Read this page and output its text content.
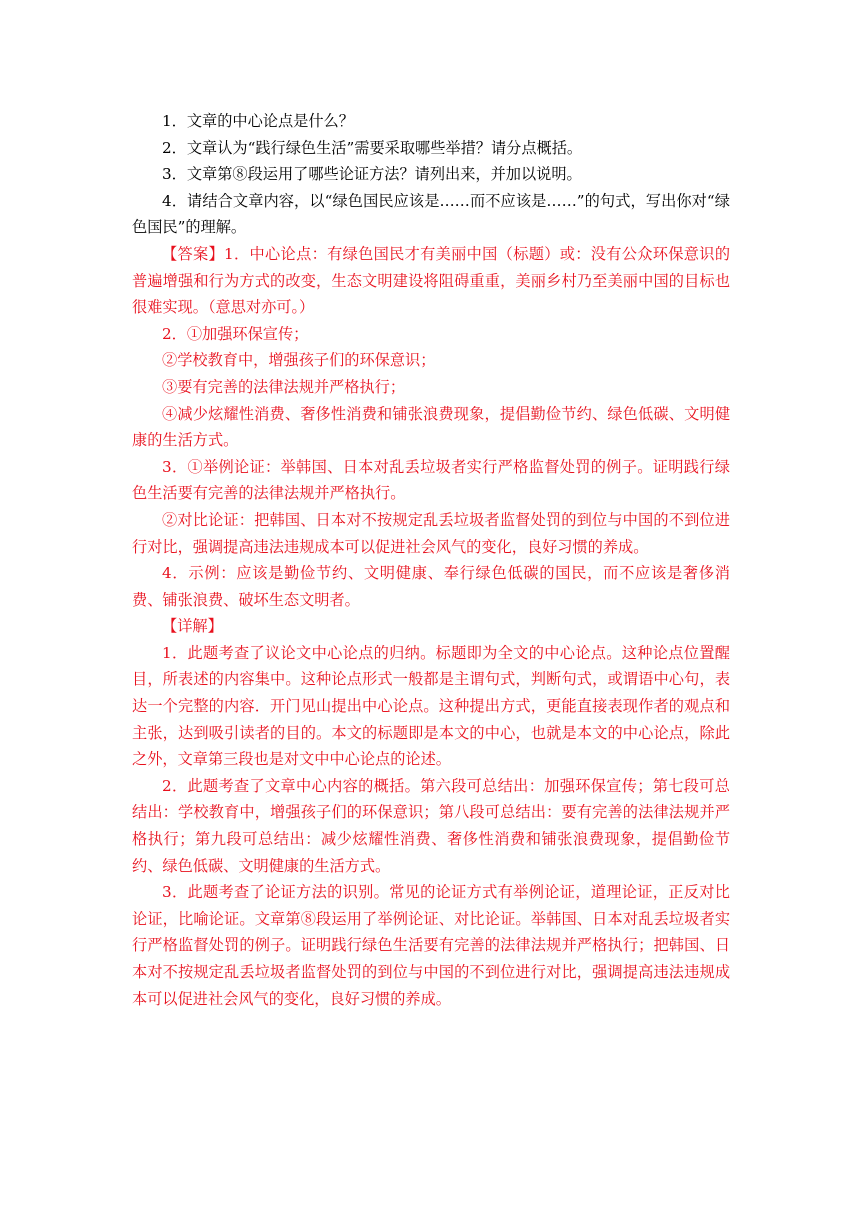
1．文章的中心论点是什么？

2．文章认为“践行绿色生活”需要采取哪些举措？请分点概括。

3．文章第⑧段运用了哪些论证方法？请列出来，并加以说明。

4．请结合文章内容，以“绿色国民应该是……而不应该是……”的句式，写出你对“绿色国民”的理解。

【答案】1．中心论点：有绿色国民才有美丽中国（标题）或：没有公众环保意识的普遍增强和行为方式的改变，生态文明建设将阻碍重重，美丽乡村乃至美丽中国的目标也很难实现。（意思对亦可。）

2．①加强环保宣传；

②学校教育中，增强孩子们的环保意识；

③要有完善的法律法规并严格执行；

④减少炫耀性消费、奢侈性消费和铺张浪费现象，提倡勤俭节约、绿色低碳、文明健康的生活方式。

3．①举例论证：举韩国、日本对乱丢垃圾者实行严格监督处罚的例子。证明践行绿色生活要有完善的法律法规并严格执行。

②对比论证：把韩国、日本对不按规定乱丢垃圾者监督处罚的到位与中国的不到位进行对比，强调提高违法违规成本可以促进社会风气的变化，良好习惯的养成。

4．示例：应该是勤俭节约、文明健康、奉行绿色低碳的国民，而不应该是奢侈消费、铺张浪费、破坏生态文明者。

【详解】

1．此题考查了议论文中心论点的归纳。标题即为全文的中心论点。这种论点位置醒目，所表述的内容集中。这种论点形式一般都是主谓句式，判断句式，或谓语中心句，表达一个完整的内容．开门见山提出中心论点。这种提出方式，更能直接表现作者的观点和主张，达到吸引读者的目的。本文的标题即是本文的中心，也就是本文的中心论点，除此之外，文章第三段也是对文中中心论点的论述。

2．此题考查了文章中心内容的概括。第六段可总结出：加强环保宣传；第七段可总结出：学校教育中，增强孩子们的环保意识；第八段可总结出：要有完善的法律法规并严格执行；第九段可总结出：减少炫耀性消费、奢侈性消费和铺张浪费现象，提倡勤俭节约、绿色低碳、文明健康的生活方式。

3．此题考查了论证方法的识别。常见的论证方式有举例论证，道理论证，正反对比论证，比喻论证。文章第⑧段运用了举例论证、对比论证。举韩国、日本对乱丢垃圾者实行严格监督处罚的例子。证明践行绿色生活要有完善的法律法规并严格执行；把韩国、日本对不按规定乱丢垃圾者监督处罚的到位与中国的不到位进行对比，强调提高违法违规成本可以促进社会风气的变化，良好习惯的养成。
